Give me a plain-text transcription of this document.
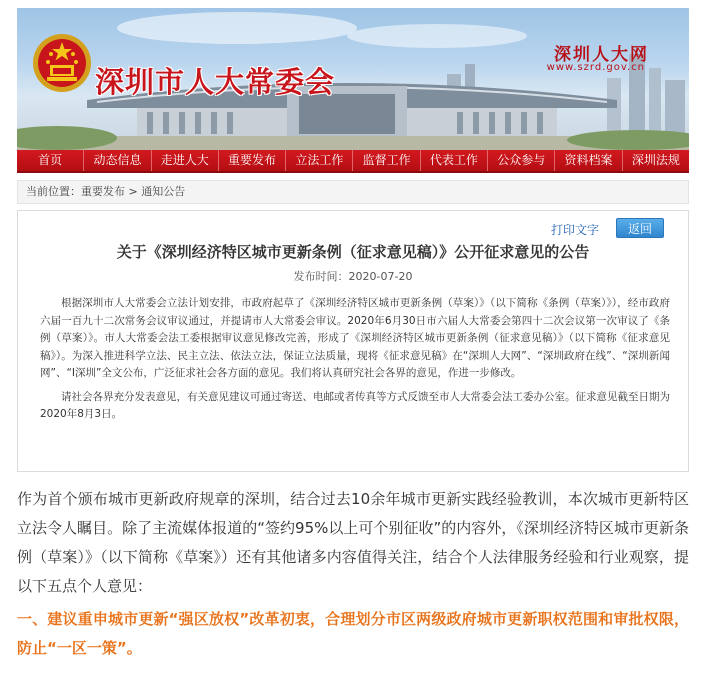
深圳市人大常委会
深圳人大网
www.szrd.gov.cn
首页	动态信息	走进人大	重要发布	立法工作	监督工作	代表工作	公众参与	资料档案	深圳法规
当前位置：重要发布 > 通知公告
打印文字	返回
关于《深圳经济特区城市更新条例（征求意见稿）》公开征求意见的公告
发布时间：2020-07-20

根据深圳市人大常委会立法计划安排，市政府起草了《深圳经济特区城市更新条例（草案）》（以下简称《条例（草案）》），经市政府六届一百九十二次常务会议审议通过，并提请市人大常委会审议。2020年6月30日市六届人大常委会第四十二次会议第一次审议了《条例（草案）》。市人大常委会法工委根据审议意见修改完善，形成了《深圳经济特区城市更新条例（征求意见稿）》（以下简称《征求意见稿》）。为深入推进科学立法、民主立法、依法立法，保证立法质量，现将《征求意见稿》在“深圳人大网”、“深圳政府在线”、“深圳新闻网”、“I深圳”全文公布，广泛征求社会各方面的意见。我们将认真研究社会各界的意见，作进一步修改。

请社会各界充分发表意见，有关意见建议可通过寄送、电邮或者传真等方式反馈至市人大常委会法工委办公室。征求意见截至日期为2020年8月3日。

作为首个颁布城市更新政府规章的深圳，结合过去10余年城市更新实践经验教训，本次城市更新特区立法令人瞩目。除了主流媒体报道的“签约95%以上可个别征收”的内容外，《深圳经济特区城市更新条例（草案）》（以下简称《草案》）还有其他诸多内容值得关注，结合个人法律服务经验和行业观察，提以下五点个人意见：

一、建议重申城市更新“强区放权”改革初衷，合理划分市区两级政府城市更新职权范围和审批权限，防止“一区一策”。
